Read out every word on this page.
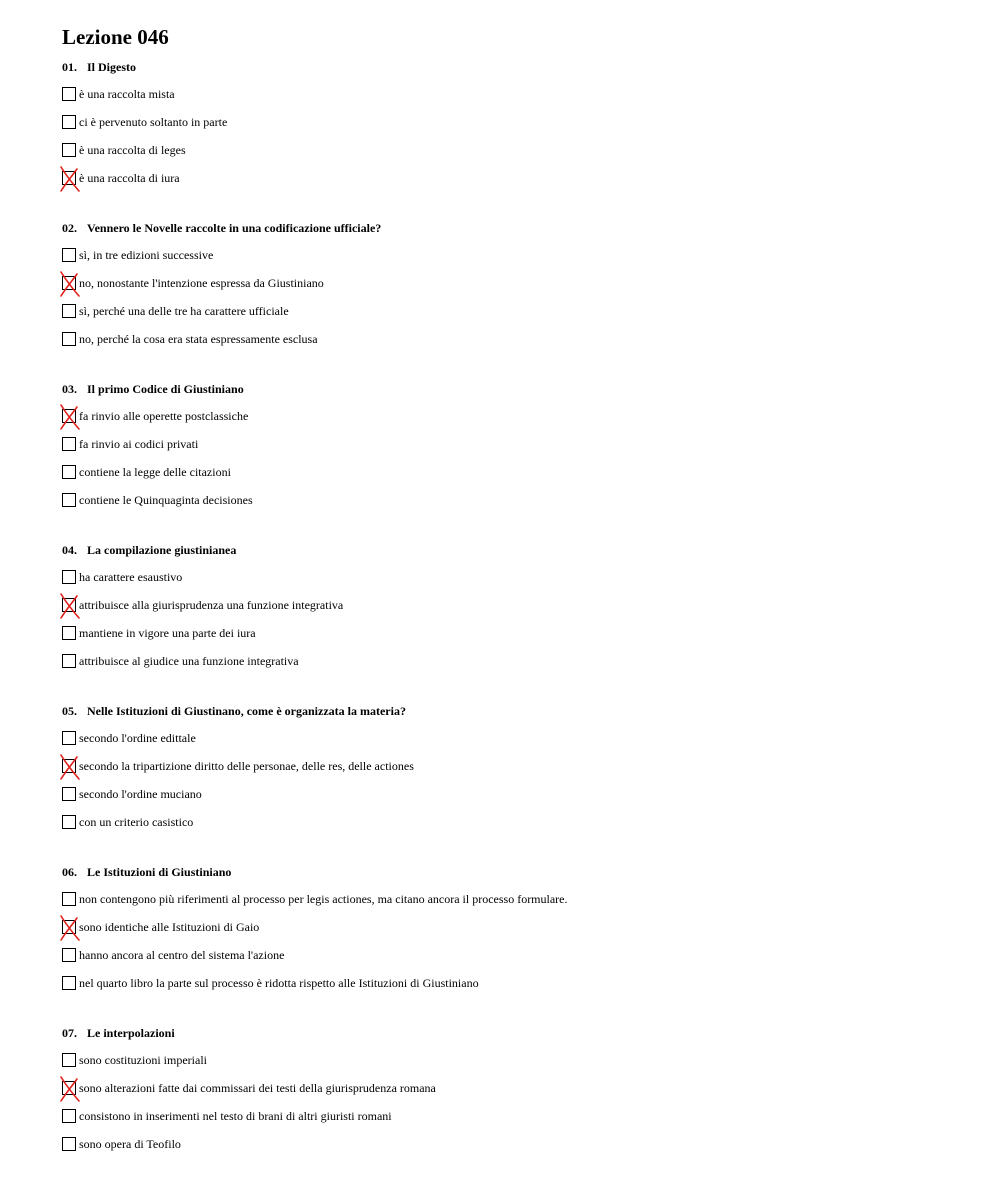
Lezione 046
01. Il Digesto
è una raccolta mista
ci è pervenuto soltanto in parte
è una raccolta di leges
è una raccolta di iura
02. Vennero le Novelle raccolte in una codificazione ufficiale?
sì, in tre edizioni successive
no, nonostante l'intenzione espressa da Giustiniano
sì, perché una delle tre ha carattere ufficiale
no, perché la cosa era stata espressamente esclusa
03. Il primo Codice di Giustiniano
fa rinvio alle operette postclassiche
fa rinvio ai codici privati
contiene la legge delle citazioni
contiene le Quinquaginta decisiones
04. La compilazione giustinianea
ha carattere esaustivo
attribuisce alla giurisprudenza una funzione integrativa
mantiene in vigore una parte dei iura
attribuisce al giudice una funzione integrativa
05. Nelle Istituzioni di Giustinano, come è organizzata la materia?
secondo l'ordine edittale
secondo la tripartizione diritto delle personae, delle res, delle actiones
secondo l'ordine muciano
con un criterio casistico
06. Le Istituzioni di Giustiniano
non contengono più riferimenti al processo per legis actiones, ma citano ancora il processo formulare.
sono identiche alle Istituzioni di Gaio
hanno ancora al centro del sistema l'azione
nel quarto libro la parte sul processo è ridotta rispetto alle Istituzioni di Giustiniano
07. Le interpolazioni
sono costituzioni imperiali
sono alterazioni fatte dai commissari dei testi della giurisprudenza romana
consistono in inserimenti nel testo di brani di altri giuristi romani
sono opera di Teofilo
